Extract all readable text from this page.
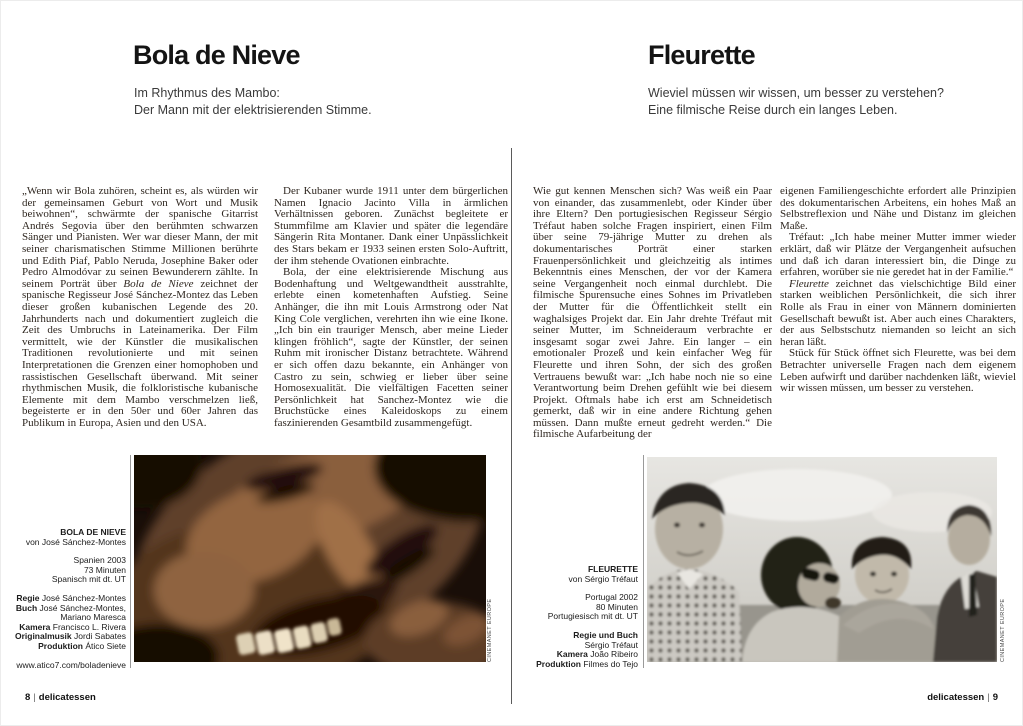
Bola de Nieve

Im Rhythmus des Mambo:
Der Mann mit der elektrisierenden Stimme.

„Wenn wir Bola zuhören, scheint es, als würden wir der gemeinsamen Geburt von Wort und Musik beiwohnen“, schwärmte der spanische Gitarrist Andrés Segovia über den berühmten schwarzen Sänger und Pianisten. Wer war dieser Mann, der mit seiner charismatischen Stimme Millionen berührte und Edith Piaf, Pablo Neruda, Josephine Baker oder Pedro Almodóvar zu seinen Bewunderern zählte. In seinem Porträt über Bola de Nieve zeichnet der spanische Regisseur José Sánchez-Montez das Leben dieser großen kubanischen Legende des 20. Jahrhunderts nach und dokumentiert zugleich die Zeit des Umbruchs in Lateinamerika. Der Film vermittelt, wie der Künstler die musikalischen Traditionen revolutionierte und mit seinen Interpretationen die Grenzen einer homophoben und rassistischen Gesellschaft überwand. Mit seiner rhythmischen Musik, die folkloristische kubanische Elemente mit dem Mambo verschmelzen ließ, begeisterte er in den 50er und 60er Jahren das Publikum in Europa, Asien und den USA.

Der Kubaner wurde 1911 unter dem bürgerlichen Namen Ignacio Jacinto Villa in ärmlichen Verhältnissen geboren. Zunächst begleitete er Stummfilme am Klavier und später die legendäre Sängerin Rita Montaner. Dank einer Unpässlichkeit des Stars bekam er 1933 seinen ersten Solo-Auftritt, der ihm stehende Ovationen einbrachte.

Bola, der eine elektrisierende Mischung aus Bodenhaftung und Weltgewandtheit ausstrahlte, erlebte einen kometenhaften Aufstieg. Seine Anhänger, die ihn mit Louis Armstrong oder Nat King Cole verglichen, verehrten ihn wie eine Ikone. „Ich bin ein trauriger Mensch, aber meine Lieder klingen fröhlich“, sagte der Künstler, der seinen Ruhm mit ironischer Distanz betrachtete. Während er sich offen dazu bekannte, ein Anhänger von Castro zu sein, schwieg er lieber über seine Homosexualität. Die vielfältigen Facetten seiner Persönlichkeit hat Sanchez-Montez wie die Bruchstücke eines Kaleidoskops zu einem faszinierenden Gesamtbild zusammengefügt.

BOLA DE NIEVE
von José Sánchez-Montes
Spanien 2003
73 Minuten
Spanisch mit dt. UT
Regie José Sánchez-Montes
Buch José Sánchez-Montes,
Mariano Maresca
Kamera Francisco L. Rivera
Originalmusik Jordi Sabates
Produktion Ático Siete
www.atico7.com/boladenieve
CINEMANET EUROPE
8 | delicatessen
Fleurette

Wieviel müssen wir wissen, um besser zu verstehen?
Eine filmische Reise durch ein langes Leben.

Wie gut kennen Menschen sich? Was weiß ein Paar von einander, das zusammenlebt, oder Kinder über ihre Eltern? Den portugiesischen Regisseur Sérgio Tréfaut haben solche Fragen inspiriert, einen Film über seine 79-jährige Mutter zu drehen als dokumentarisches Porträt einer starken Frauenpersönlichkeit und gleichzeitig als intimes Bekenntnis eines Menschen, der vor der Kamera seine Vergangenheit noch einmal durchlebt. Die filmische Spurensuche eines Sohnes im Privatleben der Mutter für die Öffentlichkeit stellt ein waghalsiges Projekt dar. Ein Jahr drehte Tréfaut mit seiner Mutter, im Schneideraum verbrachte er insgesamt sogar zwei Jahre. Ein langer – ein emotionaler Prozeß und kein einfacher Weg für Fleurette und ihren Sohn, der sich des großen Vertrauens bewußt war: „Ich habe noch nie so eine Verantwortung beim Drehen gefühlt wie bei diesem Projekt. Oftmals habe ich erst am Schneidetisch gemerkt, daß wir in eine andere Richtung gehen müssen. Dann mußte erneut gedreht werden.“ Die filmische Aufarbeitung der

eigenen Familiengeschichte erfordert alle Prinzipien des dokumentarischen Arbeitens, ein hohes Maß an Selbstreflexion und Nähe und Distanz im gleichen Maße.

Tréfaut: „Ich habe meiner Mutter immer wieder erklärt, daß wir Plätze der Vergangenheit aufsuchen und daß ich daran interessiert bin, die Dinge zu erfahren, worüber sie nie geredet hat in der Familie.“

Fleurette zeichnet das vielschichtige Bild einer starken weiblichen Persönlichkeit, die sich ihrer Rolle als Frau in einer von Männern dominierten Gesellschaft bewußt ist. Aber auch eines Charakters, der aus Selbstschutz niemanden so leicht an sich heran läßt.

Stück für Stück öffnet sich Fleurette, was bei dem Betrachter universelle Fragen nach dem eigenem Leben aufwirft und darüber nachdenken läßt, wieviel wir wissen müssen, um besser zu verstehen.

FLEURETTE
von Sérgio Tréfaut
Portugal 2002
80 Minuten
Portugiesisch mit dt. UT
Regie und Buch
Sérgio Tréfaut
Kamera João Ribeiro
Produktion Filmes do Tejo
CINEMANET EUROPE
delicatessen | 9
